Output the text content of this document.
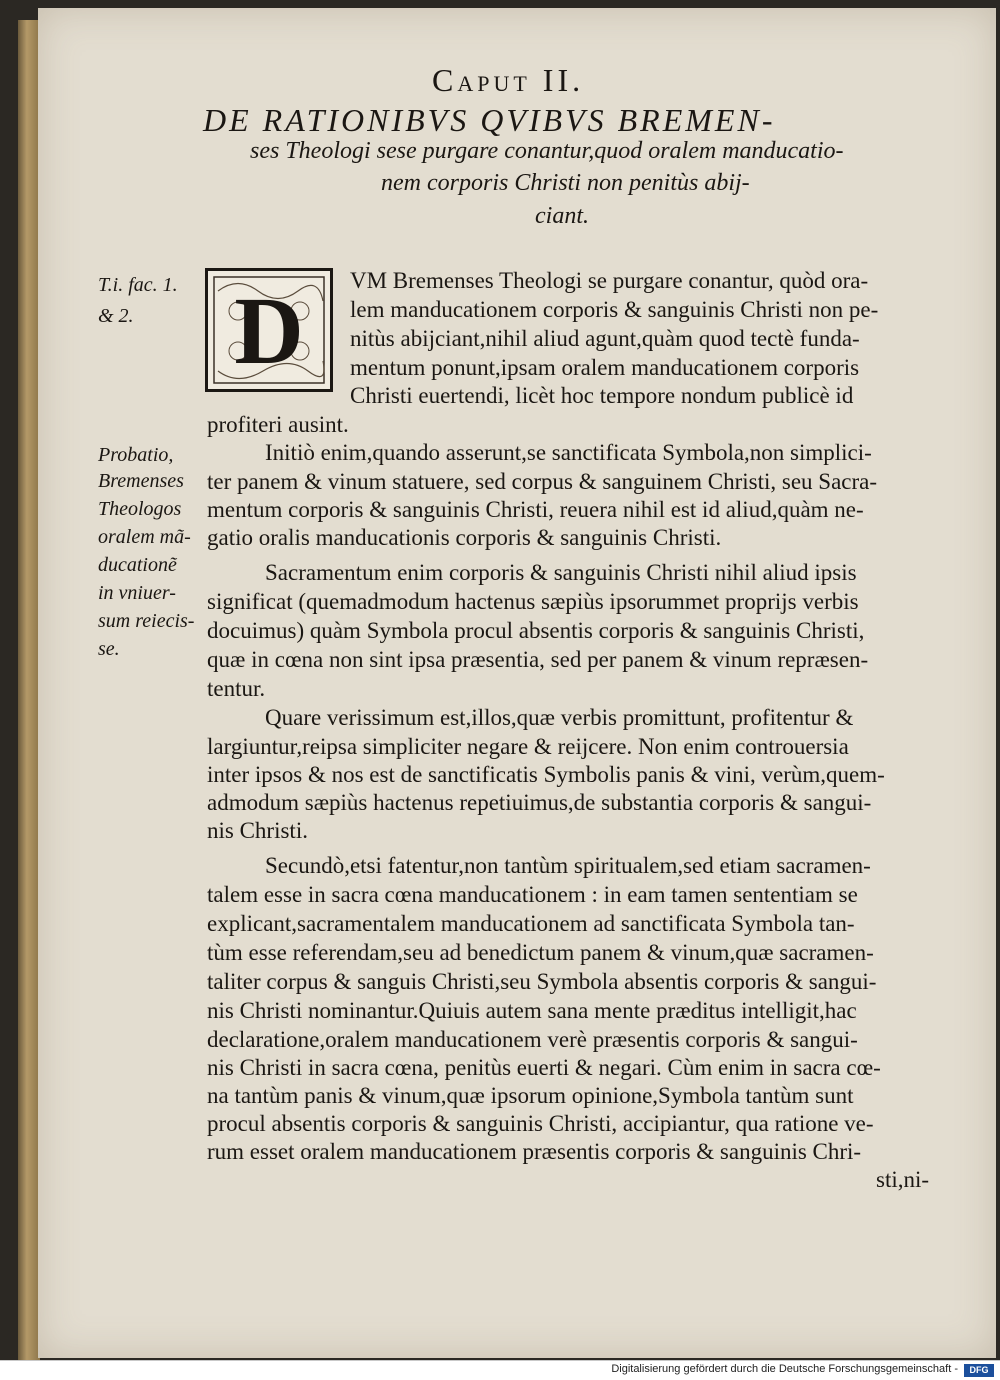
Caput II.
DE RATIONIBVS QVIBVS BREMEN-
ses Theologi sese purgare conantur,quod oralem manducatio-
nem corporis Christi non penitùs abij-
ciant.
D
T.i. fac. 1.
& 2.
Probatio,
Bremenses
Theologos
oralem mã-
ducationẽ
in vniuer-
sum reiecis-
se.
VM Bremenses Theologi se purgare conantur, quòd ora-
lem manducationem corporis & sanguinis Christi non pe-
nitùs abijciant,nihil aliud agunt,quàm quod tectè funda-
mentum ponunt,ipsam oralem manducationem corporis
Christi euertendi, licèt hoc tempore nondum publicè id
profiteri ausint.
Initiò enim,quando asserunt,se sanctificata Symbola,non simplici-
ter panem & vinum statuere, sed corpus & sanguinem Christi, seu Sacra-
mentum corporis & sanguinis Christi, reuera nihil est id aliud,quàm ne-
gatio oralis manducationis corporis & sanguinis Christi.
Sacramentum enim corporis & sanguinis Christi nihil aliud ipsis
significat (quemadmodum hactenus sæpiùs ipsorummet proprijs verbis
docuimus) quàm Symbola procul absentis corporis & sanguinis Christi,
quæ in cœna non sint ipsa præsentia, sed per panem & vinum repræsen-
tentur.
Quare verissimum est,illos,quæ verbis promittunt, profitentur &
largiuntur,reipsa simpliciter negare & reijcere. Non enim controuersia
inter ipsos & nos est de sanctificatis Symbolis panis & vini, verùm,quem-
admodum sæpiùs hactenus repetiuimus,de substantia corporis & sangui-
nis Christi.
Secundò,etsi fatentur,non tantùm spiritualem,sed etiam sacramen-
talem esse in sacra cœna manducationem : in eam tamen sententiam se
explicant,sacramentalem manducationem ad sanctificata Symbola tan-
tùm esse referendam,seu ad benedictum panem & vinum,quæ sacramen-
taliter corpus & sanguis Christi,seu Symbola absentis corporis & sangui-
nis Christi nominantur.Quiuis autem sana mente præditus intelligit,hac
declaratione,oralem manducationem verè præsentis corporis & sangui-
nis Christi in sacra cœna, penitùs euerti & negari. Cùm enim in sacra cœ-
na tantùm panis & vinum,quæ ipsorum opinione,Symbola tantùm sunt
procul absentis corporis & sanguinis Christi, accipiantur, qua ratione ve-
rum esset oralem manducationem præsentis corporis & sanguinis Chri-
sti,ni-
Digitalisierung gefördert durch die Deutsche Forschungsgemeinschaft -	DFG
